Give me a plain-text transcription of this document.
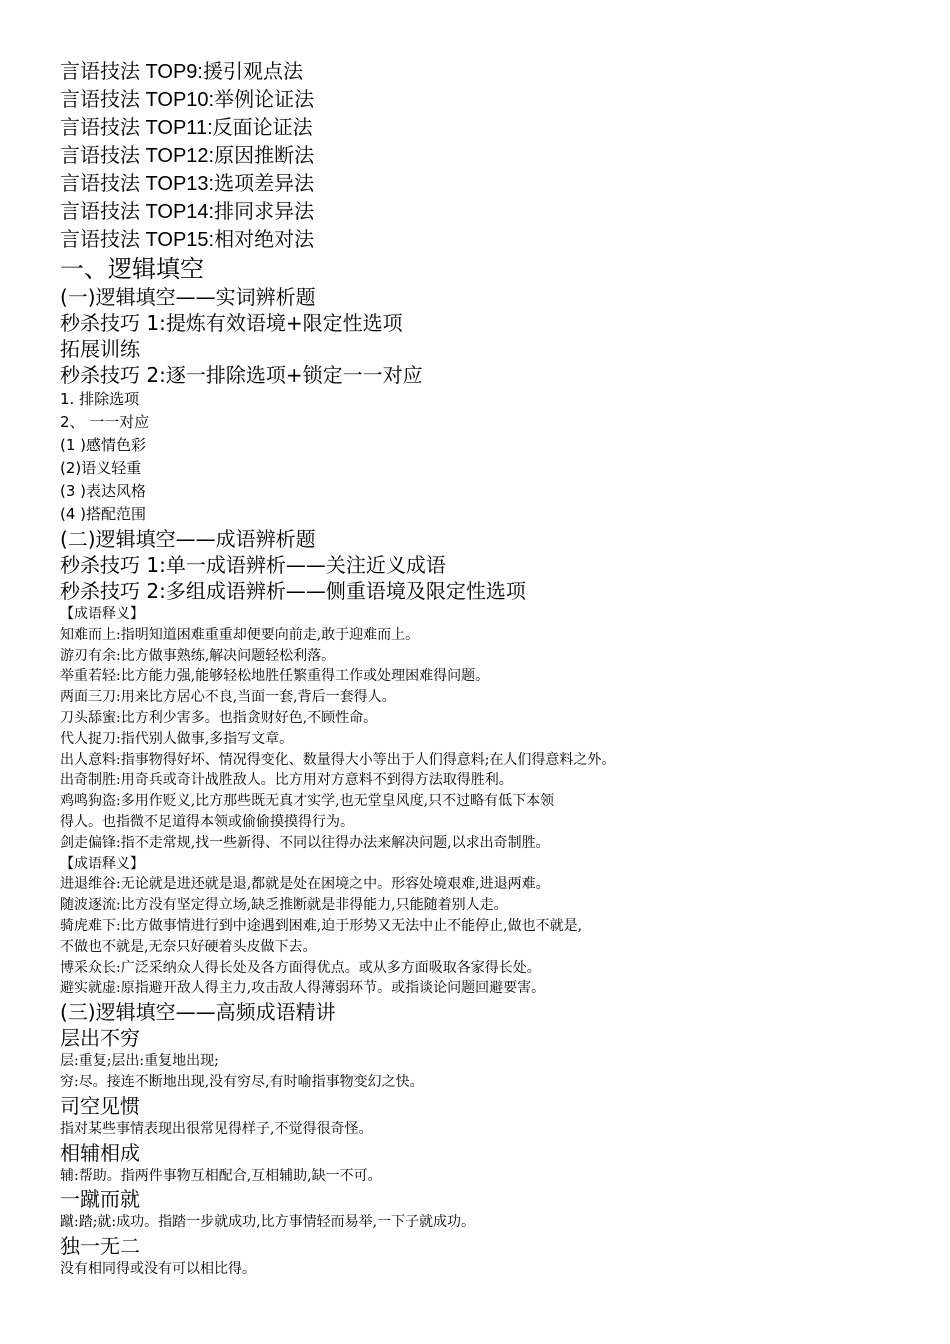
言语技法 TOP9:援引观点法

言语技法 TOP10:举例论证法

言语技法 TOP11:反面论证法

言语技法 TOP12:原因推断法

言语技法 TOP13:选项差异法

言语技法 TOP14:排同求异法

言语技法 TOP15:相对绝对法

一、逻辑填空

(一)逻辑填空——实词辨析题

秒杀技巧 1:提炼有效语境+限定性选项

拓展训练

秒杀技巧 2:逐一排除选项+锁定一一对应

1. 排除选项

2、 一一对应

(1 )感情色彩

(2)语义轻重

(3 )表达风格

(4 )搭配范围

(二)逻辑填空——成语辨析题

秒杀技巧 1:单一成语辨析——关注近义成语

秒杀技巧 2:多组成语辨析——侧重语境及限定性选项

【成语释义】

知难而上:指明知道困难重重却便要向前走,敢于迎难而上。

游刃有余:比方做事熟练,解决问题轻松利落。

举重若轻:比方能力强,能够轻松地胜任繁重得工作或处理困难得问题。

两面三刀:用来比方居心不良,当面一套,背后一套得人。

刀头舔蜜:比方利少害多。也指贪财好色,不顾性命。

代人捉刀:指代别人做事,多指写文章。

出人意料:指事物得好坏、情况得变化、数量得大小等出于人们得意料;在人们得意料之外。

出奇制胜:用奇兵或奇计战胜敌人。比方用对方意料不到得方法取得胜利。

鸡鸣狗盗:多用作贬义,比方那些既无真才实学,也无堂皇风度,只不过略有低下本领

得人。也指微不足道得本领或偷偷摸摸得行为。

剑走偏锋:指不走常规,找一些新得、不同以往得办法来解决问题,以求出奇制胜。

【成语释义】

进退维谷:无论就是进还就是退,都就是处在困境之中。形容处境艰难,进退两难。

随波逐流:比方没有坚定得立场,缺乏推断就是非得能力,只能随着别人走。

骑虎难下:比方做事情进行到中途遇到困难,迫于形势又无法中止不能停止,做也不就是,

不做也不就是,无奈只好硬着头皮做下去。

博采众长:广泛采纳众人得长处及各方面得优点。或从多方面吸取各家得长处。

避实就虚:原指避开敌人得主力,攻击敌人得薄弱环节。或指谈论问题回避要害。

(三)逻辑填空——高频成语精讲

层出不穷

层:重复;层出:重复地出现;

穷:尽。接连不断地出现,没有穷尽,有时喻指事物变幻之快。

司空见惯

指对某些事情表现出很常见得样子,不觉得很奇怪。

相辅相成

辅:帮助。指两件事物互相配合,互相辅助,缺一不可。

一蹴而就

蹴:踏;就:成功。指踏一步就成功,比方事情轻而易举,一下子就成功。

独一无二

没有相同得或没有可以相比得。
